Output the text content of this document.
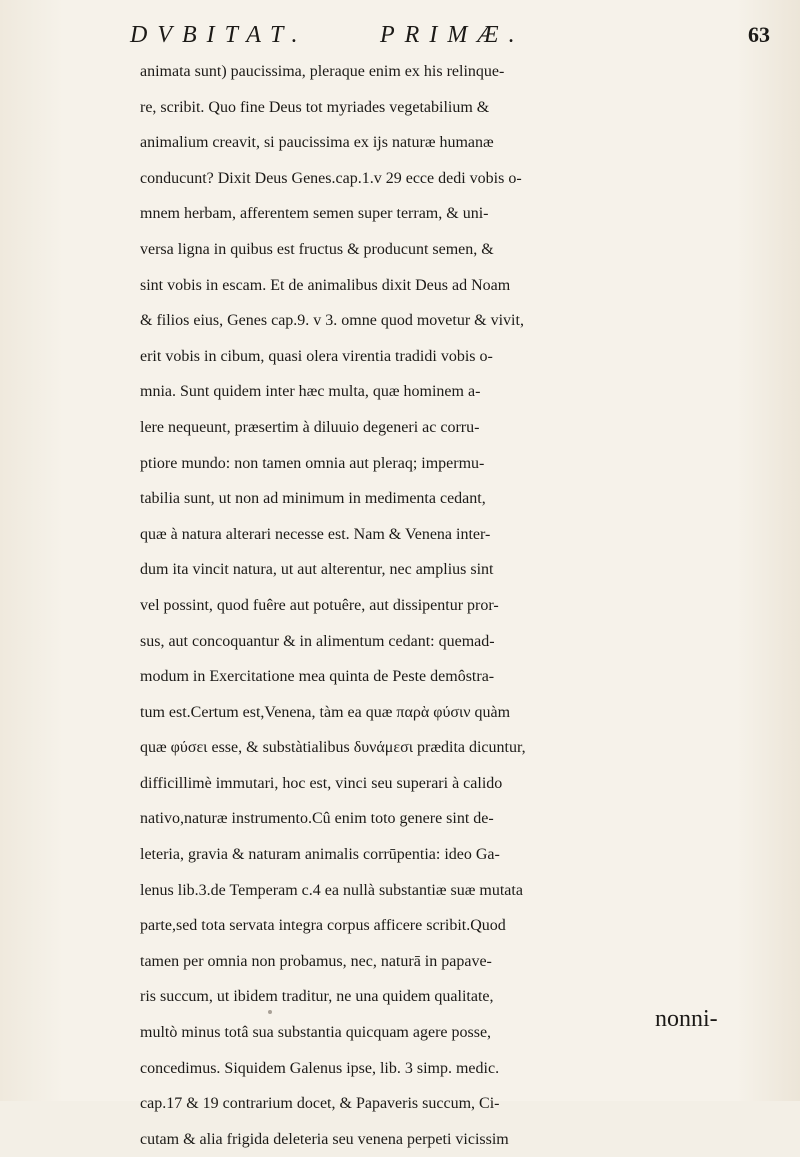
DVBITAT.	PRIMÆ.	63
animata sunt) paucissima, pleraque enim ex his relinque-
re, scribit. Quo fine Deus tot myriades vegetabilium &
animalium creavit, si paucissima ex ijs naturæ humanæ
conducunt? Dixit Deus Genes.cap.1.v 29 ecce dedi vobis o-
mnem herbam, afferentem semen super terram, & uni-
versa ligna in quibus est fructus & producunt semen, &
sint vobis in escam. Et de animalibus dixit Deus ad Noam
& filios eius, Genes cap.9. v 3. omne quod movetur & vivit,
erit vobis in cibum, quasi olera virentia tradidi vobis o-
mnia. Sunt quidem inter hæc multa, quæ hominem a-
lere nequeunt, præsertim à diluuio degeneri ac corru-
ptiore mundo: non tamen omnia aut pleraq; impermu-
tabilia sunt, ut non ad minimum in medimenta cedant,
quæ à natura alterari necesse est. Nam & Venena inter-
dum ita vincit natura, ut aut alterentur, nec amplius sint
vel possint, quod fuêre aut potuêre, aut dissipentur pror-
sus, aut concoquantur & in alimentum cedant: quemad-
modum in Exercitatione mea quinta de Peste demôstra-
tum est.Certum est,Venena, tàm ea quæ παρὰ φύσιν quàm
quæ φύσει esse, & substàtialibus δυνάμεσι prædita dicuntur,
difficillimè immutari, hoc est, vinci seu superari à calido
nativo,naturæ instrumento.Cû enim toto genere sint de-
leteria, gravia & naturam animalis corrūpentia: ideo Ga-
lenus lib.3.de Temperam c.4 ea nullà substantiæ suæ mutata
parte,sed tota servata integra corpus afficere scribit.Quod
tamen per omnia non probamus, nec, naturā in papave-
ris succum, ut ibidem traditur, ne una quidem qualitate,
multò minus totâ sua substantia quicquam agere posse,
concedimus. Siquidem Galenus ipse, lib. 3 simp. medic.
cap.17 & 19 contrarium docet, & Papaveris succum, Ci-
cutam & alia frigida deleteria seu venena perpeti vicissim
nonni-
